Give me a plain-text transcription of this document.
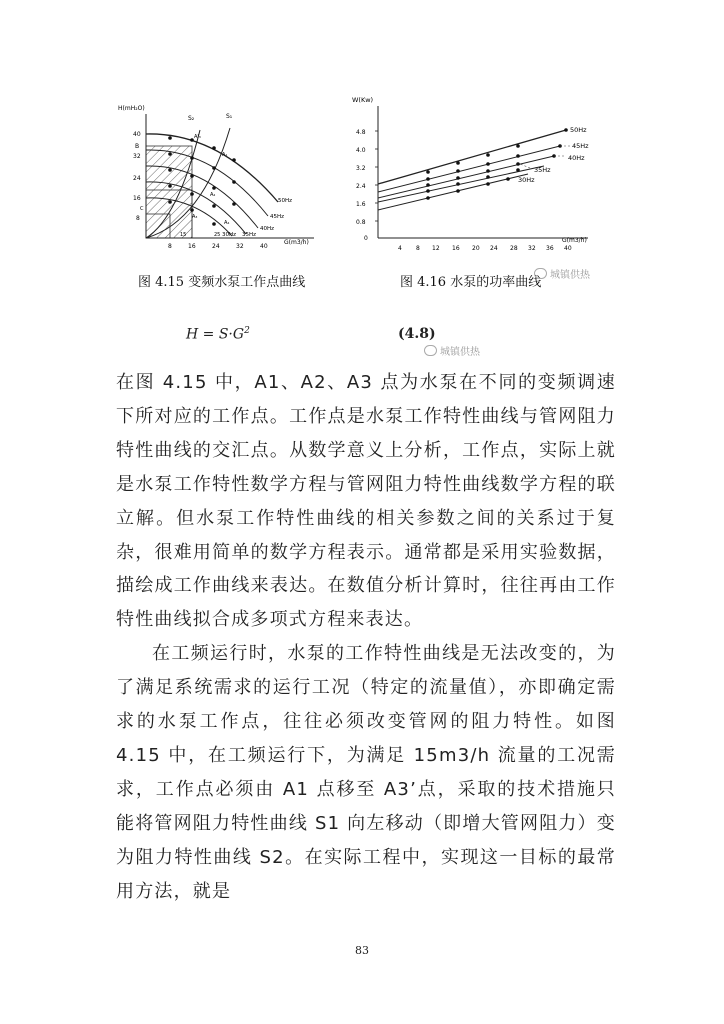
H(mH₂O)
40
B
32
24
16
8
8	16	24	32	40
G(m3/h)
50Hz
45Hz
40Hz
30Hz 35Hz
S₂	S₁
A'₃
A₁
A₂
A₃
A₄
C
15	25
W(Kw)
4.8
4.0
3.2
2.4
1.6
0.8
0
4 8 12 16 20 24 28 32 36 40
G(m3/h)
50Hz
45Hz
40Hz
35Hz
30Hz
图 4.15 变频水泵工作点曲线	图 4.16 水泵的功率曲线 城镇供热
城镇供热
$H = S\cdot G^2$	(4.8)

在图 4.15 中，A1、A2、A3 点为水泵在不同的变频调速下所对应的工作点。工作点是水泵工作特性曲线与管网阻力特性曲线的交汇点。从数学意义上分析，工作点，实际上就是水泵工作特性数学方程与管网阻力特性曲线数学方程的联立解。但水泵工作特性曲线的相关参数之间的关系过于复杂，很难用简单的数学方程表示。通常都是采用实验数据，描绘成工作曲线来表达。在数值分析计算时，往往再由工作特性曲线拟合成多项式方程来表达。

在工频运行时，水泵的工作特性曲线是无法改变的，为了满足系统需求的运行工况（特定的流量值），亦即确定需求的水泵工作点，往往必须改变管网的阻力特性。如图 4.15 中，在工频运行下，为满足 15m3/h 流量的工况需求，工作点必须由 A1 点移至 A3’点，采取的技术措施只能将管网阻力特性曲线 S1 向左移动（即增大管网阻力）变为阻力特性曲线 S2。在实际工程中，实现这一目标的最常用方法，就是

83
